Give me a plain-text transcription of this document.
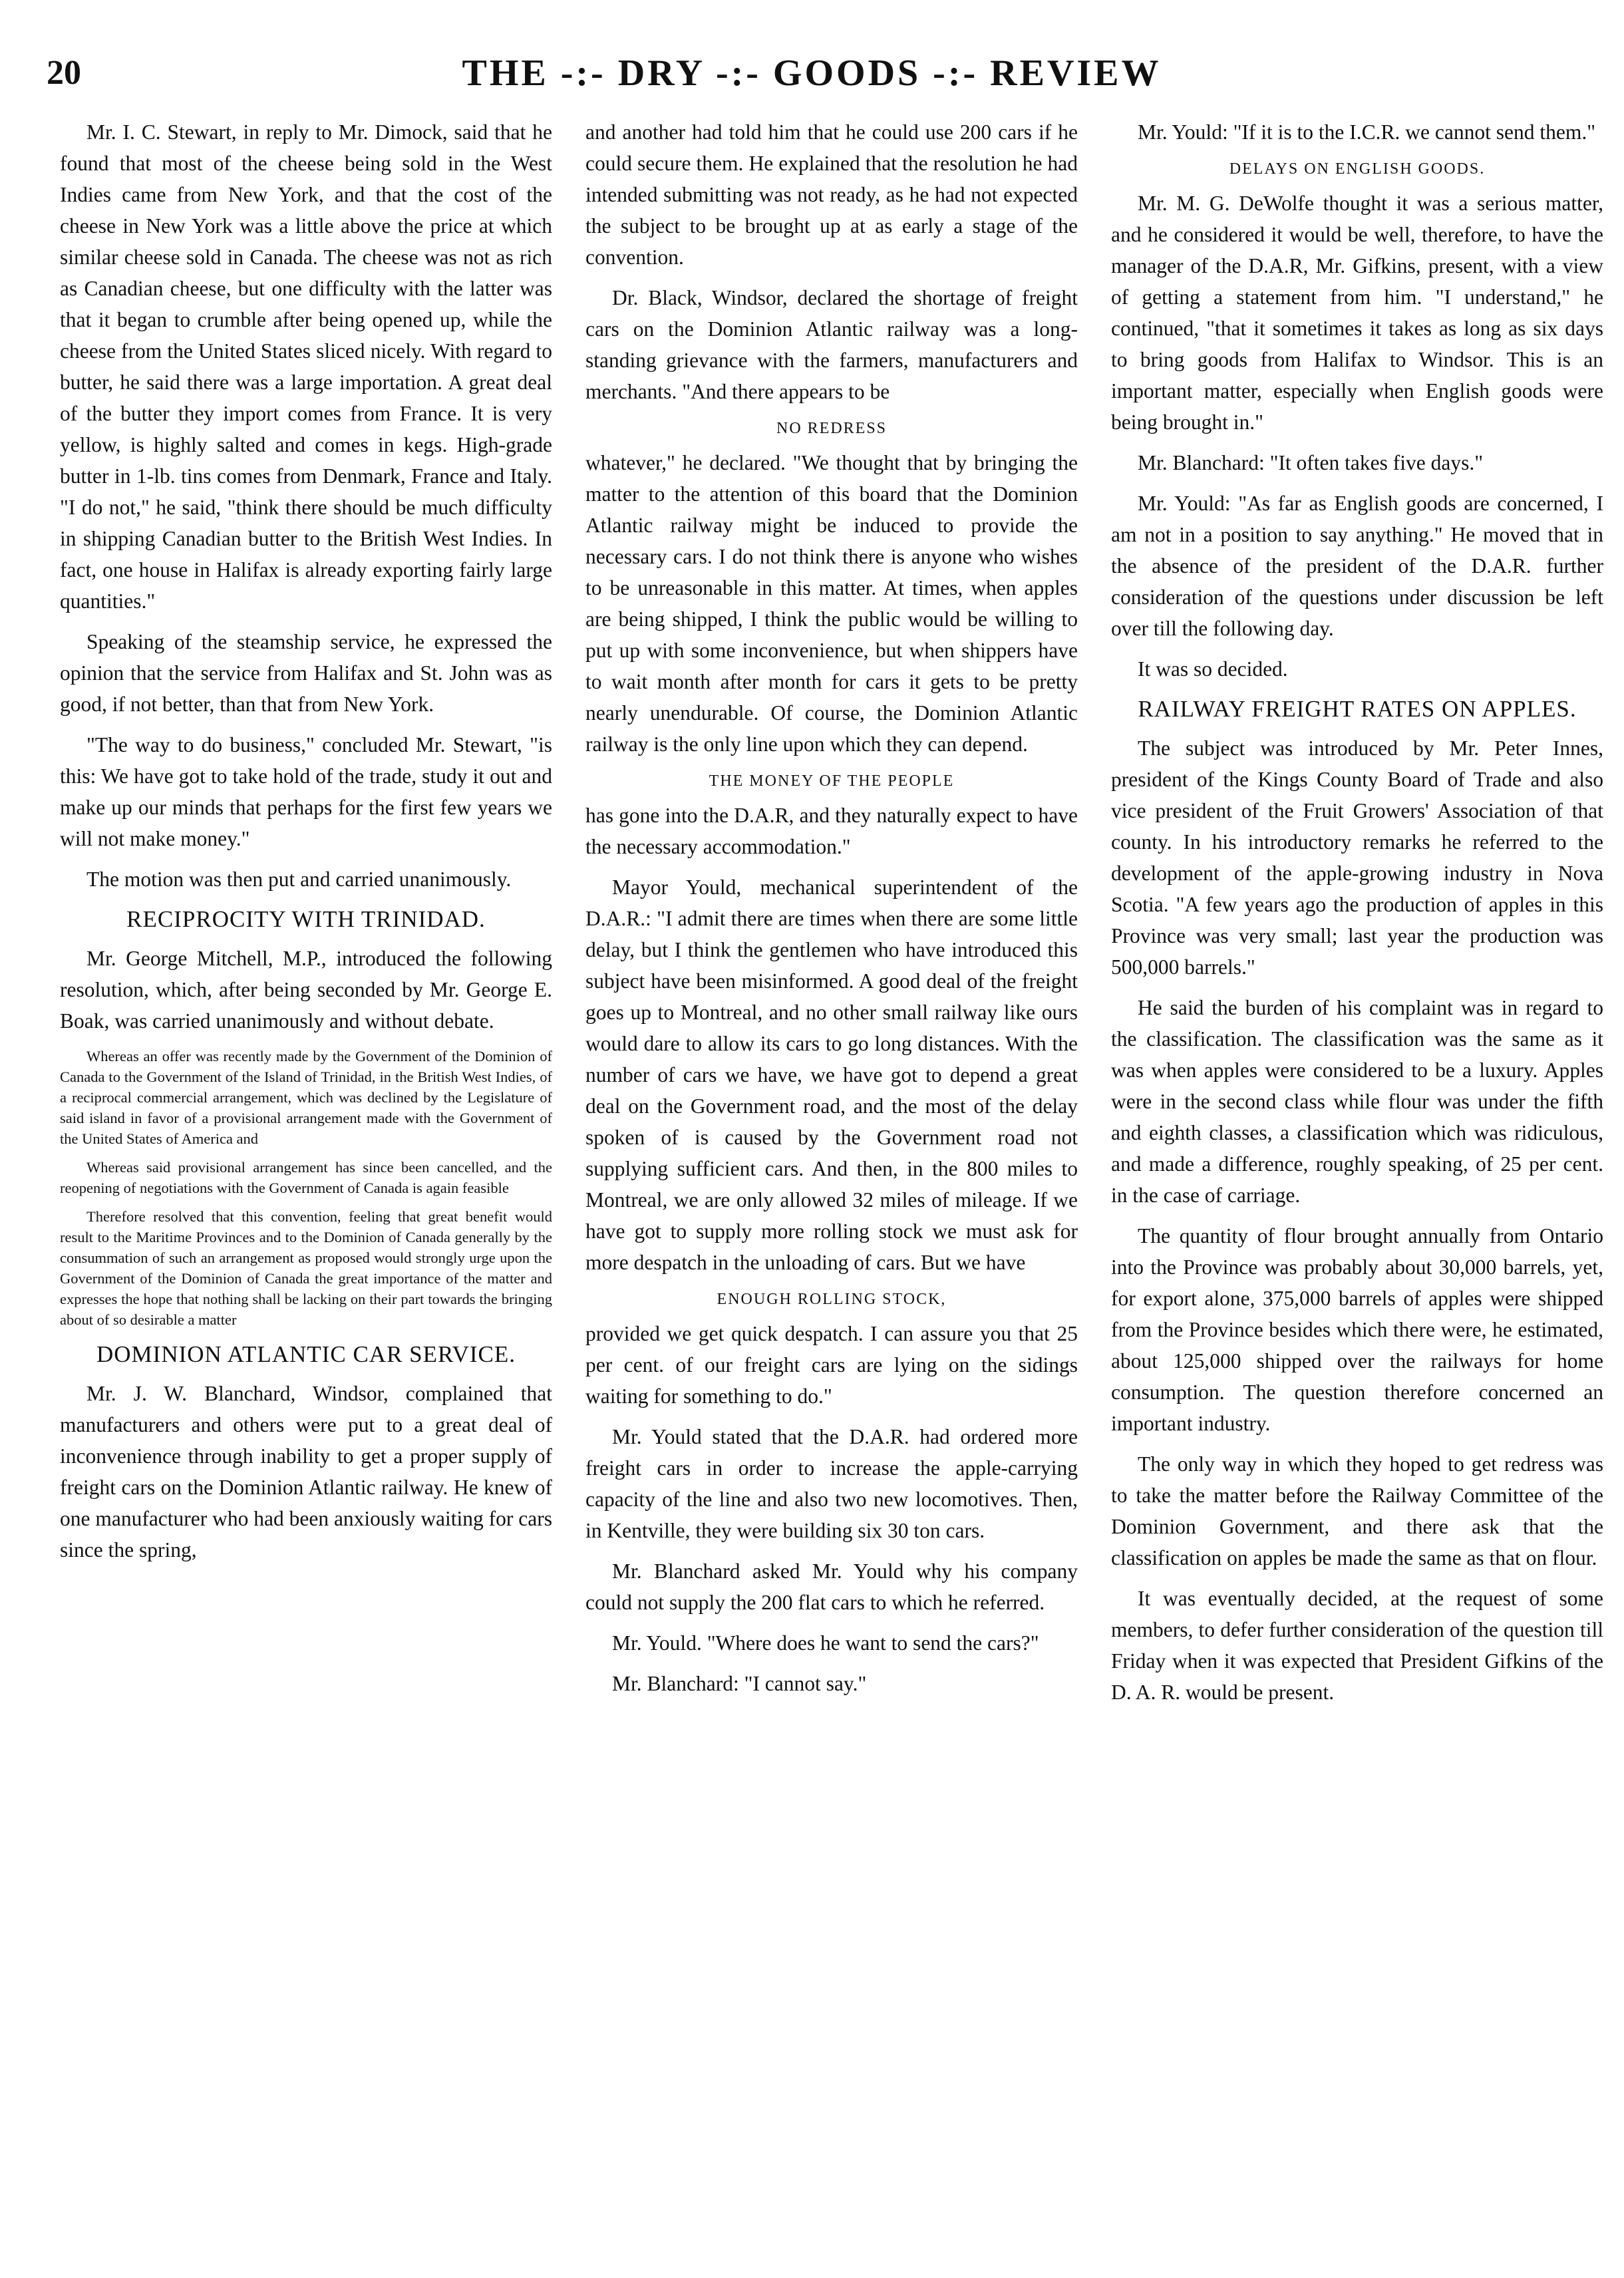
20	THE -:- DRY -:- GOODS -:- REVIEW

Mr. I. C. Stewart, in reply to Mr. Dimock, said that he found that most of the cheese being sold in the West Indies came from New York, and that the cost of the cheese in New York was a little above the price at which similar cheese sold in Canada. The cheese was not as rich as Canadian cheese, but one difficulty with the latter was that it began to crumble after being opened up, while the cheese from the United States sliced nicely. With regard to butter, he said there was a large importation. A great deal of the butter they import comes from France. It is very yellow, is highly salted and comes in kegs. High-grade butter in 1-lb. tins comes from Denmark, France and Italy. "I do not," he said, "think there should be much difficulty in shipping Canadian butter to the British West Indies. In fact, one house in Halifax is already exporting fairly large quantities."

Speaking of the steamship service, he expressed the opinion that the service from Halifax and St. John was as good, if not better, than that from New York.

"The way to do business," concluded Mr. Stewart, "is this: We have got to take hold of the trade, study it out and make up our minds that perhaps for the first few years we will not make money."

The motion was then put and carried unanimously.

RECIPROCITY WITH TRINIDAD.

Mr. George Mitchell, M.P., introduced the following resolution, which, after being seconded by Mr. George E. Boak, was carried unanimously and without debate.

Whereas an offer was recently made by the Government of the Dominion of Canada to the Government of the Island of Trinidad, in the British West Indies, of a reciprocal commercial arrangement, which was declined by the Legislature of said island in favor of a provisional arrangement made with the Government of the United States of America and

Whereas said provisional arrangement has since been cancelled, and the reopening of negotiations with the Government of Canada is again feasible

Therefore resolved that this convention, feeling that great benefit would result to the Maritime Provinces and to the Dominion of Canada generally by the consummation of such an arrangement as proposed would strongly urge upon the Government of the Dominion of Canada the great importance of the matter and expresses the hope that nothing shall be lacking on their part towards the bringing about of so desirable a matter

DOMINION ATLANTIC CAR SERVICE.

Mr. J. W. Blanchard, Windsor, complained that manufacturers and others were put to a great deal of inconvenience through inability to get a proper supply of freight cars on the Dominion Atlantic railway. He knew of one manufacturer who had been anxiously waiting for cars since the spring,

and another had told him that he could use 200 cars if he could secure them. He explained that the resolution he had intended submitting was not ready, as he had not expected the subject to be brought up at as early a stage of the convention.

Dr. Black, Windsor, declared the shortage of freight cars on the Dominion Atlantic railway was a long-standing grievance with the farmers, manufacturers and merchants. "And there appears to be

NO REDRESS

whatever," he declared. "We thought that by bringing the matter to the attention of this board that the Dominion Atlantic railway might be induced to provide the necessary cars. I do not think there is anyone who wishes to be unreasonable in this matter. At times, when apples are being shipped, I think the public would be willing to put up with some inconvenience, but when shippers have to wait month after month for cars it gets to be pretty nearly unendurable. Of course, the Dominion Atlantic railway is the only line upon which they can depend.

THE MONEY OF THE PEOPLE

has gone into the D.A.R, and they naturally expect to have the necessary accommodation."

Mayor Yould, mechanical superintendent of the D.A.R.: "I admit there are times when there are some little delay, but I think the gentlemen who have introduced this subject have been misinformed. A good deal of the freight goes up to Montreal, and no other small railway like ours would dare to allow its cars to go long distances. With the number of cars we have, we have got to depend a great deal on the Government road, and the most of the delay spoken of is caused by the Government road not supplying sufficient cars. And then, in the 800 miles to Montreal, we are only allowed 32 miles of mileage. If we have got to supply more rolling stock we must ask for more despatch in the unloading of cars. But we have

ENOUGH ROLLING STOCK,

provided we get quick despatch. I can assure you that 25 per cent. of our freight cars are lying on the sidings waiting for something to do."

Mr. Yould stated that the D.A.R. had ordered more freight cars in order to increase the apple-carrying capacity of the line and also two new locomotives. Then, in Kentville, they were building six 30 ton cars.

Mr. Blanchard asked Mr. Yould why his company could not supply the 200 flat cars to which he referred.

Mr. Yould. "Where does he want to send the cars?"

Mr. Blanchard: "I cannot say."

Mr. Yould: "If it is to the I.C.R. we cannot send them."

DELAYS ON ENGLISH GOODS.

Mr. M. G. DeWolfe thought it was a serious matter, and he considered it would be well, therefore, to have the manager of the D.A.R, Mr. Gifkins, present, with a view of getting a statement from him. "I understand," he continued, "that it sometimes it takes as long as six days to bring goods from Halifax to Windsor. This is an important matter, especially when English goods were being brought in."

Mr. Blanchard: "It often takes five days."

Mr. Yould: "As far as English goods are concerned, I am not in a position to say anything." He moved that in the absence of the president of the D.A.R. further consideration of the questions under discussion be left over till the following day.

It was so decided.

RAILWAY FREIGHT RATES ON APPLES.

The subject was introduced by Mr. Peter Innes, president of the Kings County Board of Trade and also vice president of the Fruit Growers' Association of that county. In his introductory remarks he referred to the development of the apple-growing industry in Nova Scotia. "A few years ago the production of apples in this Province was very small; last year the production was 500,000 barrels."

He said the burden of his complaint was in regard to the classification. The classification was the same as it was when apples were considered to be a luxury. Apples were in the second class while flour was under the fifth and eighth classes, a classification which was ridiculous, and made a difference, roughly speaking, of 25 per cent. in the case of carriage.

The quantity of flour brought annually from Ontario into the Province was probably about 30,000 barrels, yet, for export alone, 375,000 barrels of apples were shipped from the Province besides which there were, he estimated, about 125,000 shipped over the railways for home consumption. The question therefore concerned an important industry.

The only way in which they hoped to get redress was to take the matter before the Railway Committee of the Dominion Government, and there ask that the classification on apples be made the same as that on flour.

It was eventually decided, at the request of some members, to defer further consideration of the question till Friday when it was expected that President Gifkins of the D. A. R. would be present.
